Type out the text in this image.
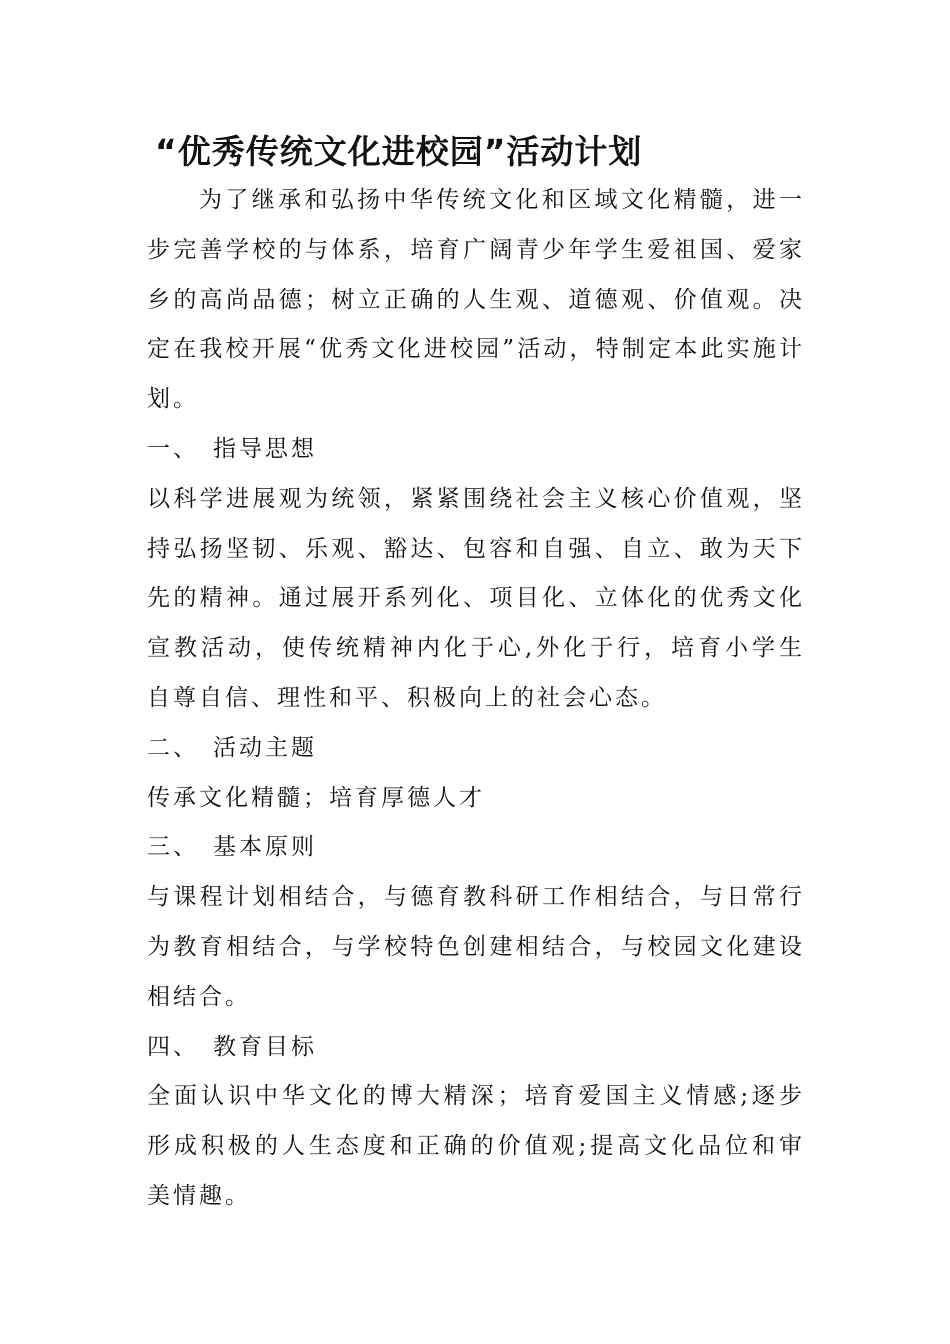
“优秀传统文化进校园”活动计划

为了继承和弘扬中华传统文化和区域文化精髓，进一步完善学校的与体系，培育广阔青少年学生爱祖国、爱家乡的高尚品德；树立正确的人生观、道德观、价值观。决定在我校开展“优秀文化进校园”活动，特制定本此实施计划。

一、 指导思想

以科学进展观为统领，紧紧围绕社会主义核心价值观，坚持弘扬坚韧、乐观、豁达、包容和自强、自立、敢为天下先的精神。通过展开系列化、项目化、立体化的优秀文化宣教活动，使传统精神内化于心,外化于行，培育小学生自尊自信、理性和平、积极向上的社会心态。

二、 活动主题

传承文化精髓；培育厚德人才

三、 基本原则

与课程计划相结合，与德育教科研工作相结合，与日常行为教育相结合，与学校特色创建相结合，与校园文化建设相结合。

四、 教育目标

全面认识中华文化的博大精深；培育爱国主义情感;逐步形成积极的人生态度和正确的价值观;提高文化品位和审美情趣。
